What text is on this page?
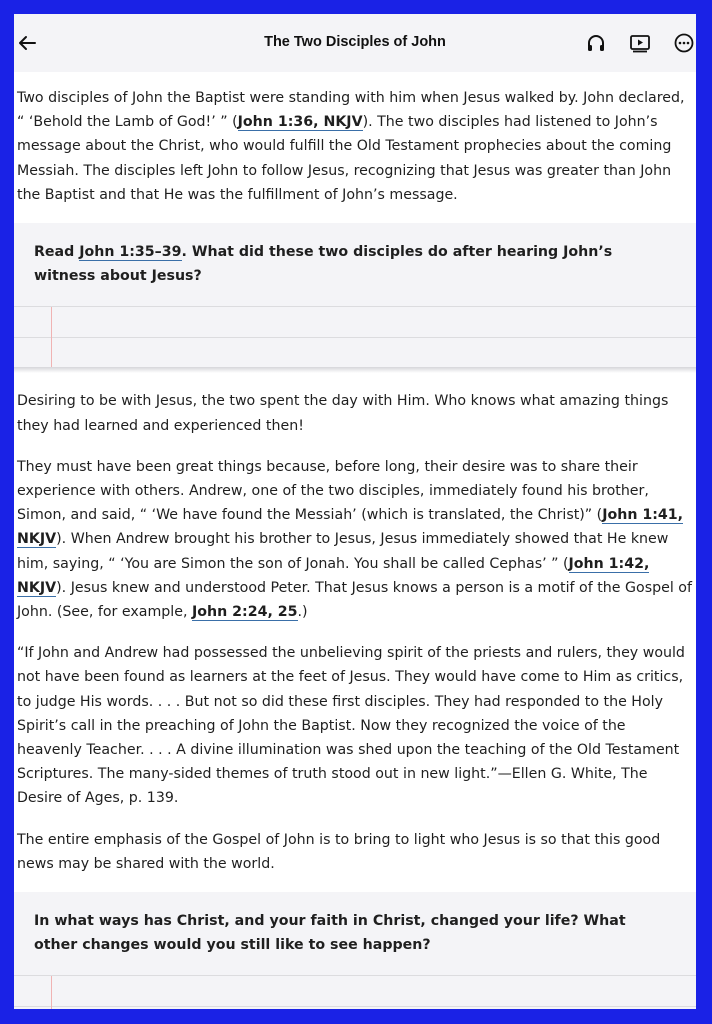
The Two Disciples of John

Two disciples of John the Baptist were standing with him when Jesus walked by. John declared, “ ‘Behold the Lamb of God!’ ” (John 1:36, NKJV). The two disciples had listened to John’s message about the Christ, who would fulfill the Old Testament prophecies about the coming Messiah. The disciples left John to follow Jesus, recognizing that Jesus was greater than John the Baptist and that He was the fulfillment of John’s message.

Read John 1:35–39. What did these two disciples do after hearing John’s witness about Jesus?

Desiring to be with Jesus, the two spent the day with Him. Who knows what amazing things they had learned and experienced then!

They must have been great things because, before long, their desire was to share their experience with others. Andrew, one of the two disciples, immediately found his brother, Simon, and said, “ ‘We have found the Messiah’ (which is translated, the Christ)” (John 1:41, NKJV). When Andrew brought his brother to Jesus, Jesus immediately showed that He knew him, saying, “ ‘You are Simon the son of Jonah. You shall be called Cephas’ ” (John 1:42, NKJV). Jesus knew and understood Peter. That Jesus knows a person is a motif of the Gospel of John. (See, for example, John 2:24, 25.)

“If John and Andrew had possessed the unbelieving spirit of the priests and rulers, they would not have been found as learners at the feet of Jesus. They would have come to Him as critics, to judge His words. . . . But not so did these first disciples. They had responded to the Holy Spirit’s call in the preaching of John the Baptist. Now they recognized the voice of the heavenly Teacher. . . . A divine illumination was shed upon the teaching of the Old Testament Scriptures. The many-sided themes of truth stood out in new light.”—Ellen G. White, The Desire of Ages, p. 139.

The entire emphasis of the Gospel of John is to bring to light who Jesus is so that this good news may be shared with the world.

In what ways has Christ, and your faith in Christ, changed your life? What other changes would you still like to see happen?
